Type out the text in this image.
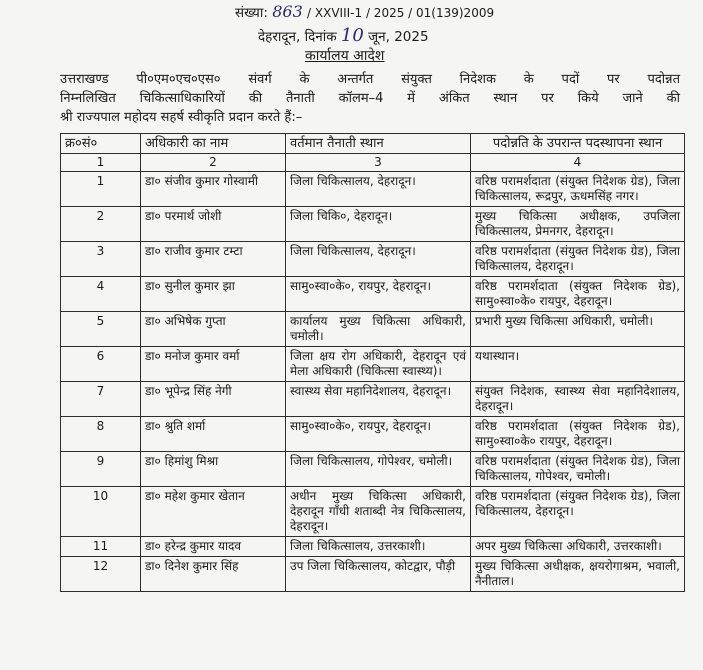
संख्या: 863 / XXVIII-1 / 2025 / 01(139)2009
देहरादून, दिनांक 10 जून, 2025
कार्यालय आदेश
उत्तराखण्ड पी०एम०एच०एस० संवर्ग के अन्तर्गत संयुक्त निदेशक के पदों पर पदोन्नत
निम्नलिखित चिकित्साधिकारियों की तैनाती कॉलम–4 में अंकित स्थान पर किये जाने की
श्री राज्यपाल महोदय सहर्ष स्वीकृति प्रदान करते हैं:–
क्र०सं०	अधिकारी का नाम	वर्तमान तैनाती स्थान	पदोन्नति के उपरान्त पदस्थापना स्थान
1	2	3	4
1	डा० संजीव कुमार गोस्वामी	जिला चिकित्सालय, देहरादून।	वरिष्ठ परामर्शदाता (संयुक्त निदेशक ग्रेड), जिला चिकित्सालय, रूद्रपुर, ऊधमसिंह नगर।
2	डा० परमार्थ जोशी	जिला चिकि०, देहरादून।	मुख्य चिकित्सा अधीक्षक, उपजिला चिकित्सालय, प्रेमनगर, देहरादून।
3	डा० राजीव कुमार टम्टा	जिला चिकित्सालय, देहरादून।	वरिष्ठ परामर्शदाता (संयुक्त निदेशक ग्रेड), जिला चिकित्सालय, देहरादून।
4	डा० सुनील कुमार झा	सामु०स्वा०के०, रायपुर, देहरादून।	वरिष्ठ परामर्शदाता (संयुक्त निदेशक ग्रेड), सामु०स्वा०के० रायपुर, देहरादून।
5	डा० अभिषेक गुप्ता	कार्यालय मुख्य चिकित्सा अधिकारी, चमोली।	प्रभारी मुख्य चिकित्सा अधिकारी, चमोली।
6	डा० मनोज कुमार वर्मा	जिला क्षय रोग अधिकारी, देहरादून एवं मेला अधिकारी (चिकित्सा स्वास्थ्य)।	यथास्थान।
7	डा० भूपेन्द्र सिंह नेगी	स्वास्थ्य सेवा महानिदेशालय, देहरादून।	संयुक्त निदेशक, स्वास्थ्य सेवा महानिदेशालय, देहरादून।
8	डा० श्रुति शर्मा	सामु०स्वा०के०, रायपुर, देहरादून।	वरिष्ठ परामर्शदाता (संयुक्त निदेशक ग्रेड), सामु०स्वा०के० रायपुर, देहरादून।
9	डा० हिमांशु मिश्रा	जिला चिकित्सालय, गोपेश्वर, चमोली।	वरिष्ठ परामर्शदाता (संयुक्त निदेशक ग्रेड), जिला चिकित्सालय, गोपेश्वर, चमोली।
10	डा० महेश कुमार खेतान	अधीन मुख्य चिकित्सा अधिकारी, देहरादून गाँधी शताब्दी नेत्र चिकित्सालय, देहरादून।	वरिष्ठ परामर्शदाता (संयुक्त निदेशक ग्रेड), जिला चिकित्सालय, देहरादून।
11	डा० हरेन्द्र कुमार यादव	जिला चिकित्सालय, उत्तरकाशी।	अपर मुख्य चिकित्सा अधिकारी, उत्तरकाशी।
12	डा० दिनेश कुमार सिंह	उप जिला चिकित्सालय, कोटद्वार, पौड़ी	मुख्य चिकित्सा अधीक्षक, क्षयरोगाश्रम, भवाली, नैनीताल।
